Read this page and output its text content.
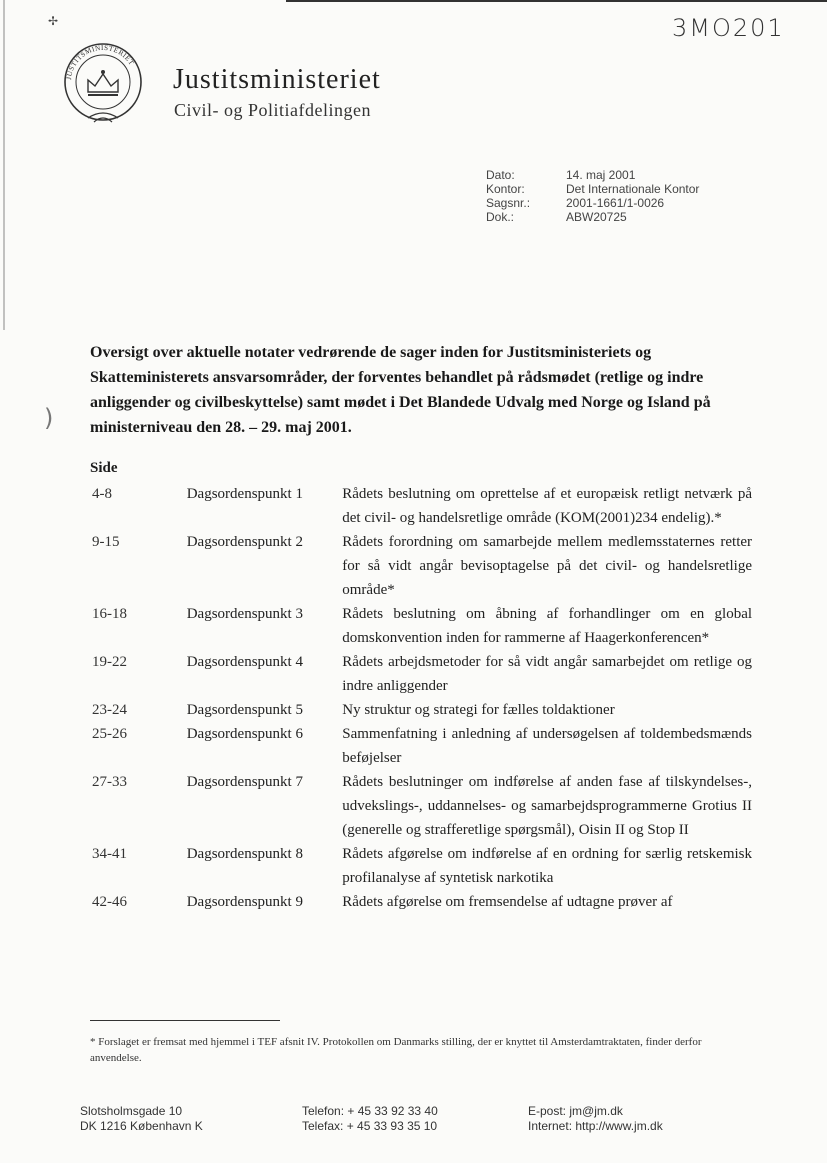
✢
)
3MO201
JUSTITSMINISTERIET
Justitsministeriet
Civil- og Politiafdelingen
Dato:	14. maj 2001
Kontor:	Det Internationale Kontor
Sagsnr.:	2001-1661/1-0026
Dok.:	ABW20725
Oversigt over aktuelle notater vedrørende de sager inden for Justitsministeriets og Skatteministerets ansvarsområder, der forventes behandlet på rådsmødet (retlige og indre anliggender og civilbeskyttelse) samt mødet i Det Blandede Udvalg med Norge og Island på ministerniveau den 28. – 29. maj 2001.
Side
4-8	Dagsordenspunkt 1	Rådets beslutning om oprettelse af et europæisk retligt netværk på det civil- og handelsretlige område (KOM(2001)234 endelig).*
9-15	Dagsordenspunkt 2	Rådets forordning om samarbejde mellem medlemsstaternes retter for så vidt angår bevisoptagelse på det civil- og handelsretlige område*
16-18	Dagsordenspunkt 3	Rådets beslutning om åbning af forhandlinger om en global domskonvention inden for rammerne af Haagerkonferencen*
19-22	Dagsordenspunkt 4	Rådets arbejdsmetoder for så vidt angår samarbejdet om retlige og indre anliggender
23-24	Dagsordenspunkt 5	Ny struktur og strategi for fælles toldaktioner
25-26	Dagsordenspunkt 6	Sammenfatning i anledning af undersøgelsen af toldembedsmænds beføjelser
27-33	Dagsordenspunkt 7	Rådets beslutninger om indførelse af anden fase af tilskyndelses-, udvekslings-, uddannelses- og samarbejdsprogrammerne Grotius II (generelle og strafferetlige spørgsmål), Oisin II og Stop II
34-41	Dagsordenspunkt 8	Rådets afgørelse om indførelse af en ordning for særlig retskemisk profilanalyse af syntetisk narkotika
42-46	Dagsordenspunkt 9	Rådets afgørelse om fremsendelse af udtagne prøver af
* Forslaget er fremsat med hjemmel i TEF afsnit IV. Protokollen om Danmarks stilling, der er knyttet til Amsterdamtraktaten, finder derfor anvendelse.
Slotsholmsgade 10
DK 1216 København K
Telefon: + 45 33 92 33 40
Telefax: + 45 33 93 35 10
E-post: jm@jm.dk
Internet: http://www.jm.dk
